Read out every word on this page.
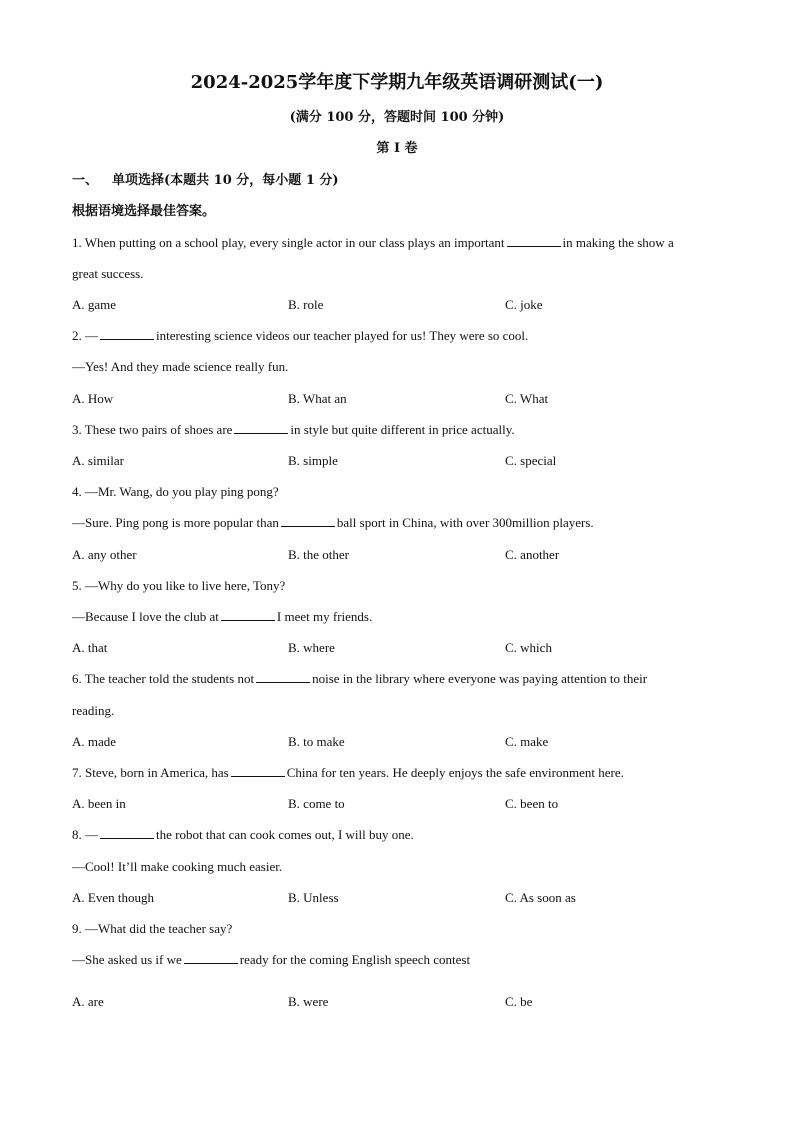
2024-2025学年度下学期九年级英语调研测试(一)
(满分 100 分，答题时间 100 分钟)
第 I 卷
一、 单项选择(本题共 10 分，每小题 1 分)
根据语境选择最佳答案。
1. When putting on a school play, every single actor in our class plays an important	in making the show a
great success.
A. game	B. role	C. joke
2. —	interesting science videos our teacher played for us! They were so cool.
—Yes! And they made science really fun.
A. How	B. What an	C. What
3. These two pairs of shoes are	in style but quite different in price actually.
A. similar	B. simple	C. special
4. —Mr. Wang, do you play ping pong?
—Sure. Ping pong is more popular than	ball sport in China, with over 300million players.
A. any other	B. the other	C. another
5. —Why do you like to live here, Tony?
—Because I love the club at	I meet my friends.
A. that	B. where	C. which
6. The teacher told the students not	noise in the library where everyone was paying attention to their
reading.
A. made	B. to make	C. make
7. Steve, born in America, has	China for ten years. He deeply enjoys the safe environment here.
A. been in	B. come to	C. been to
8. —	the robot that can cook comes out, I will buy one.
—Cool! It’ll make cooking much easier.
A. Even though	B. Unless	C. As soon as
9. —What did the teacher say?
—She asked us if we	ready for the coming English speech contest
A. are	B. were	C. be
